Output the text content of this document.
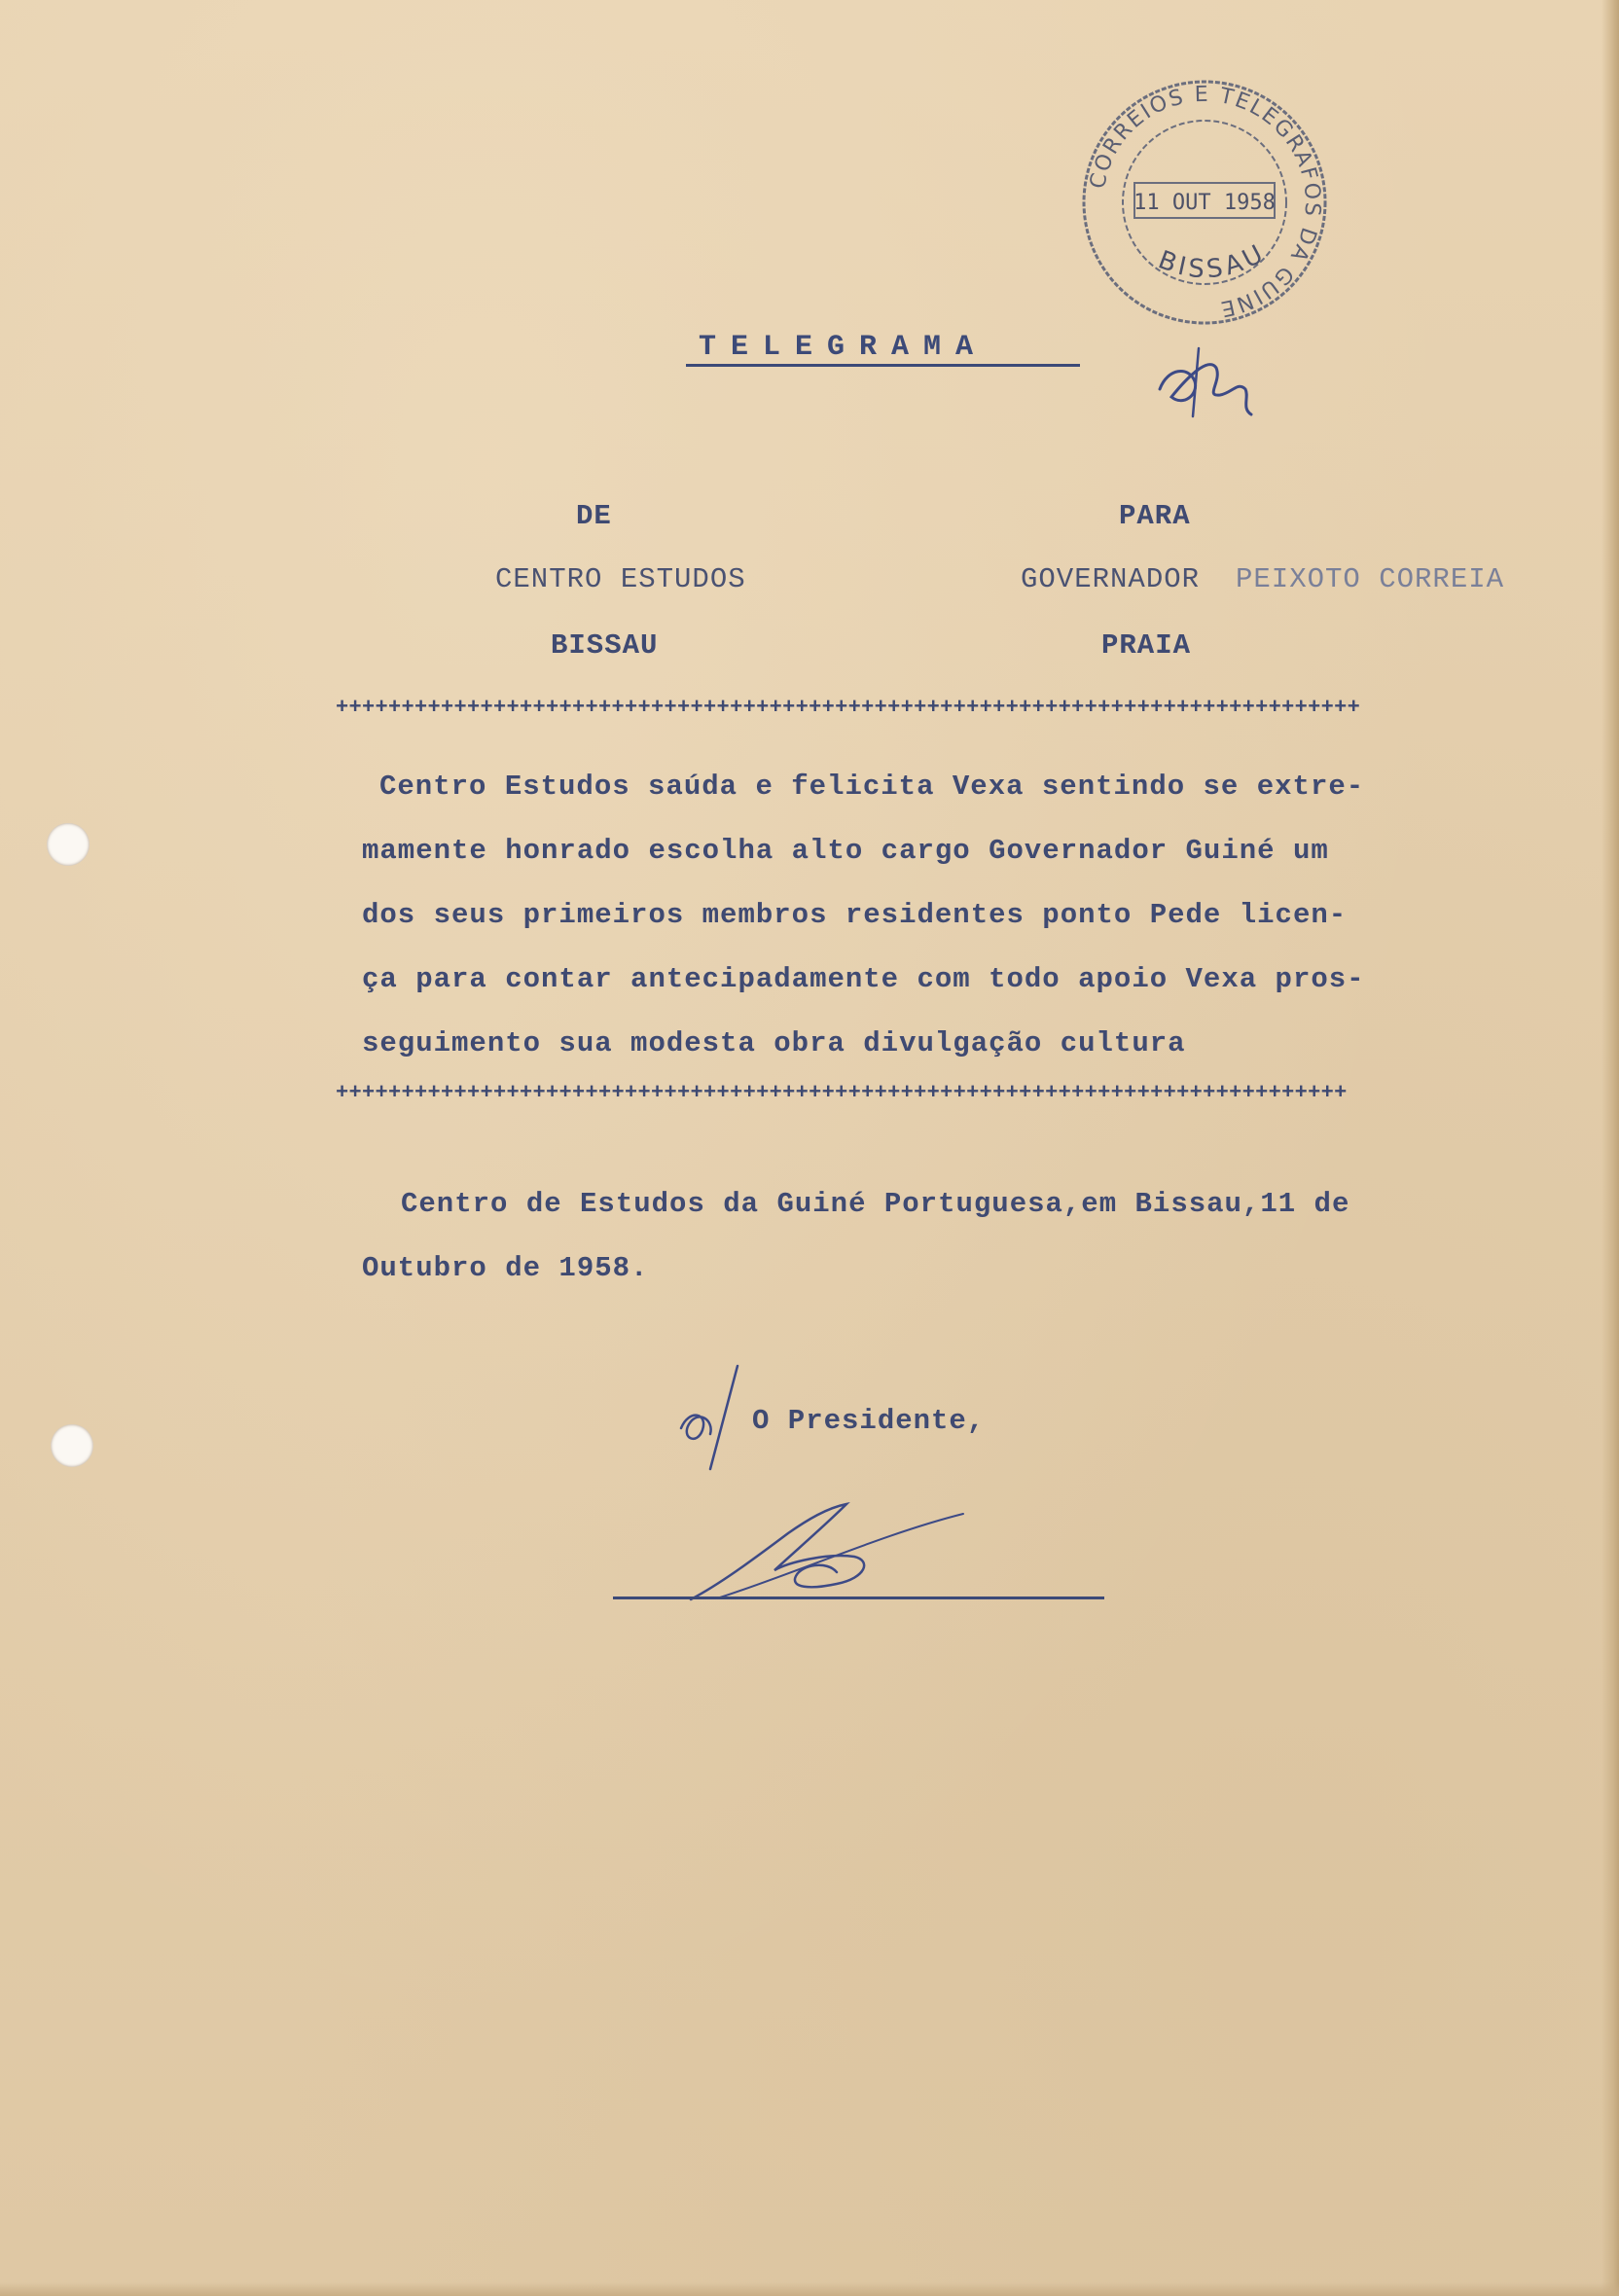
CORREIOS E TELEGRAFOS DA GUINE
11 OUT 1958
BISSAU
TELEGRAMA
DE	PARA
CENTRO ESTUDOS	GOVERNADOR PEIXOTO CORREIA
BISSAU	PRAIA
++++++++++++++++++++++++++++++++++++++++++++++++++++++++++++++++++++++++++++++
Centro Estudos saúda e felicita Vexa sentindo se extre-
mamente honrado escolha alto cargo Governador Guiné um
dos seus primeiros membros residentes ponto Pede licen-
ça para contar antecipadamente com todo apoio Vexa pros-
seguimento sua modesta obra divulgação cultura
+++++++++++++++++++++++++++++++++++++++++++++++++++++++++++++++++++++++++++++
Centro de Estudos da Guiné Portuguesa,em Bissau,11 de
Outubro de 1958.
O Presidente,
